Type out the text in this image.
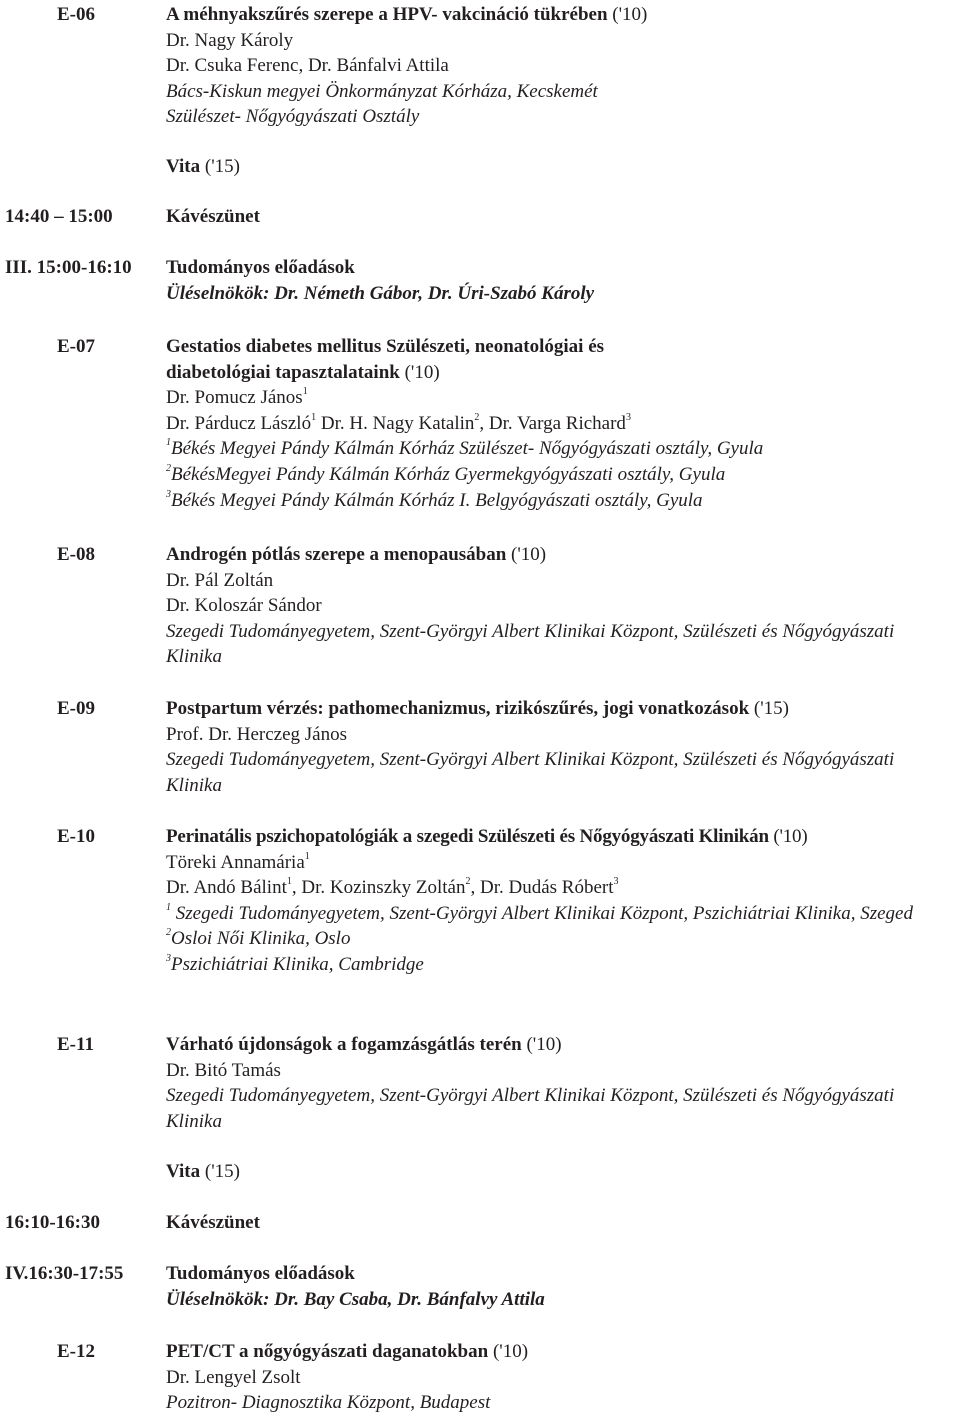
E-06	A méhnyakszűrés szerepe a HPV- vakcináció tükrében ('10)
Dr. Nagy Károly
Dr. Csuka Ferenc, Dr. Bánfalvi Attila
Bács-Kiskun megyei Önkormányzat Kórháza, Kecskemét
Szülészet- Nőgyógyászati Osztály
Vita ('15)
14:40 – 15:00	Kávészünet
III. 15:00-16:10 Tudományos előadások
Üléselnökök: Dr. Németh Gábor, Dr. Úri-Szabó Károly
E-07	Gestatios diabetes mellitus Szülészeti, neonatológiai és
diabetológiai tapasztalataink ('10)
Dr. Pomucz János$^1$
Dr. Párducz László$^1$ Dr. H. Nagy Katalin$^2$, Dr. Varga Richard$^3$
$^1$Békés Megyei Pándy Kálmán Kórház Szülészet- Nőgyógyászati osztály, Gyula
$^2$BékésMegyei Pándy Kálmán Kórház Gyermekgyógyászati osztály, Gyula
$^3$Békés Megyei Pándy Kálmán Kórház I. Belgyógyászati osztály, Gyula
E-08	Androgén pótlás szerepe a menopausában ('10)
Dr. Pál Zoltán
Dr. Koloszár Sándor
Szegedi Tudományegyetem, Szent-Györgyi Albert Klinikai Központ, Szülészeti és Nőgyógyászati Klinika
E-09	Postpartum vérzés: pathomechanizmus, rizikószűrés, jogi vonatkozások ('15)
Prof. Dr. Herczeg János
Szegedi Tudományegyetem, Szent-Györgyi Albert Klinikai Központ, Szülészeti és Nőgyógyászati Klinika
E-10	Perinatális pszichopatológiák a szegedi Szülészeti és Nőgyógyászati Klinikán ('10)
Töreki Annamária$^1$
Dr. Andó Bálint$^1$, Dr. Kozinszky Zoltán$^2$, Dr. Dudás Róbert$^3$
$^1$ Szegedi Tudományegyetem, Szent-Györgyi Albert Klinikai Központ, Pszichiátriai Klinika, Szeged
$^2$Osloi Női Klinika, Oslo
$^3$Pszichiátriai Klinika, Cambridge
E-11	Várható újdonságok a fogamzásgátlás terén ('10)
Dr. Bitó Tamás
Szegedi Tudományegyetem, Szent-Györgyi Albert Klinikai Központ, Szülészeti és Nőgyógyászati Klinika
Vita ('15)
16:10-16:30	Kávészünet
IV.16:30-17:55 Tudományos előadások
Üléselnökök: Dr. Bay Csaba, Dr. Bánfalvy Attila
E-12	PET/CT a nőgyógyászati daganatokban ('10)
Dr. Lengyel Zsolt
Pozitron- Diagnosztika Központ, Budapest
